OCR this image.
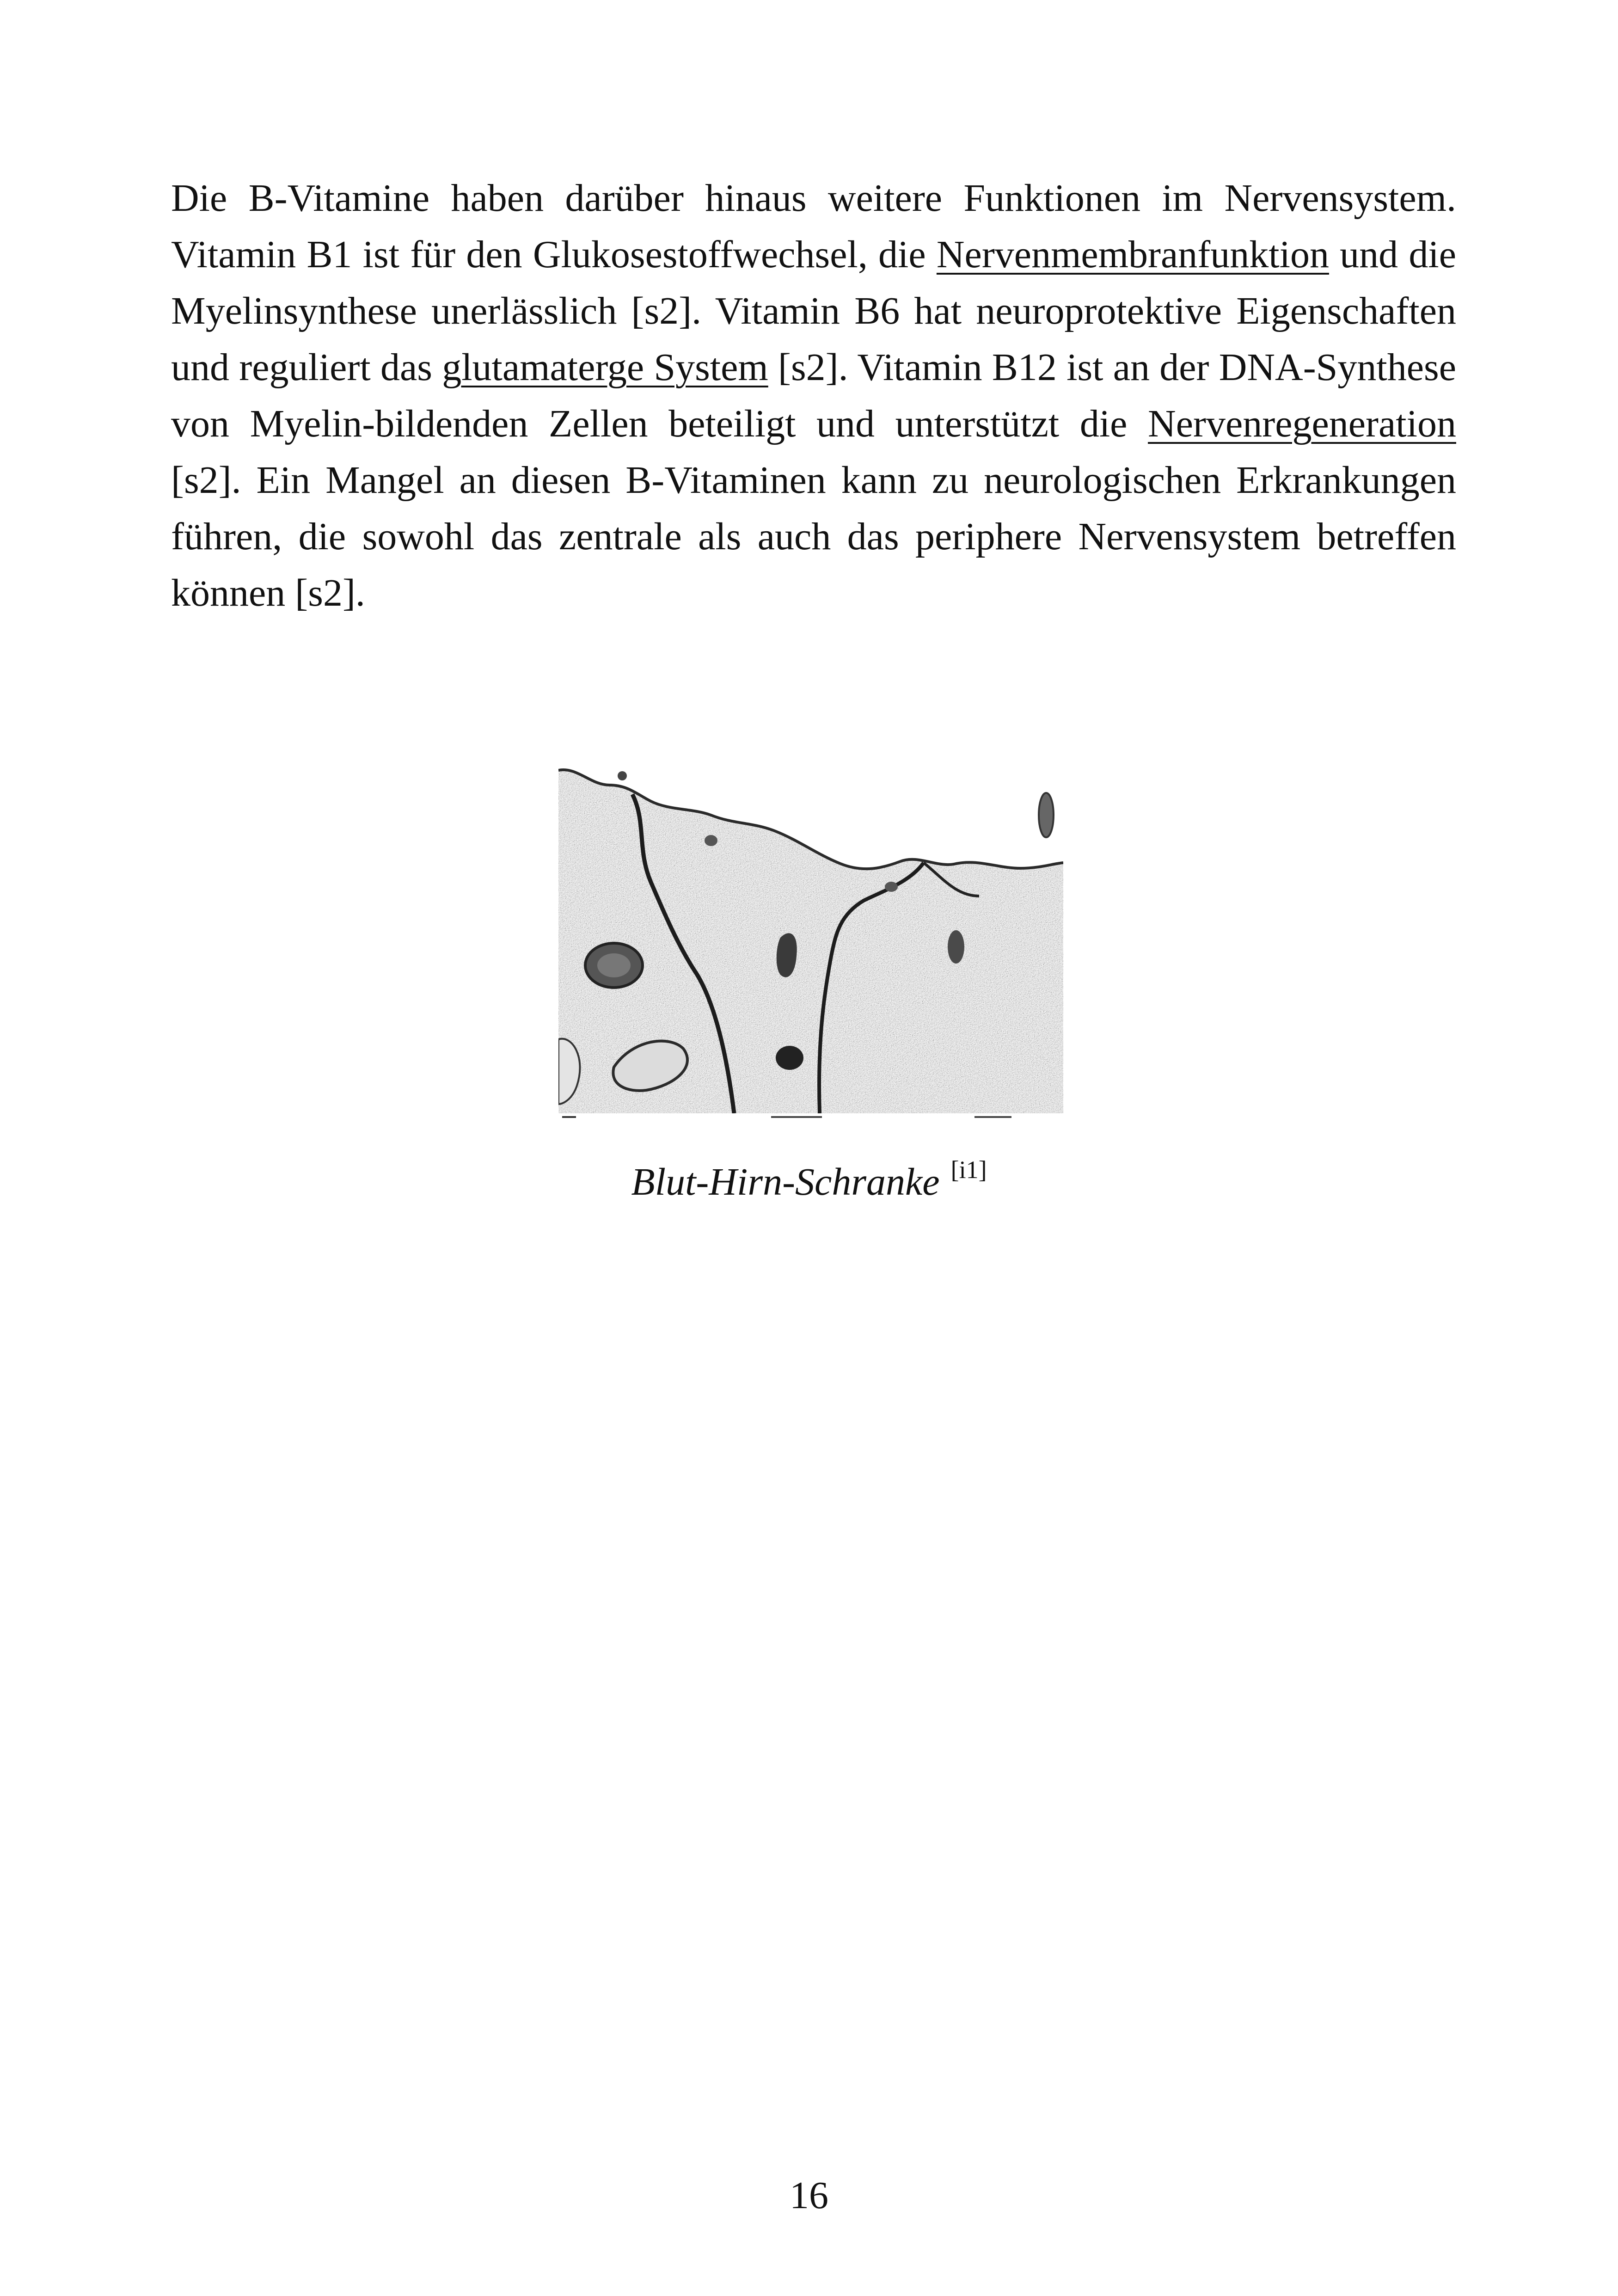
Die B-Vitamine haben darüber hinaus weitere Funktionen im Nervensystem. Vitamin B1 ist für den Glukosestoffwechsel, die Nervenmembranfunktion und die Myelinsynthese unerlässlich [s2]. Vitamin B6 hat neuroprotektive Eigenschaften und reguliert das glutamaterge System [s2]. Vitamin B12 ist an der DNA-Synthese von Myelin-bildenden Zellen beteiligt und unterstützt die Nervenregeneration [s2]. Ein Mangel an diesen B-Vitaminen kann zu neurologischen Erkrankungen führen, die sowohl das zentrale als auch das periphere Nervensystem betreffen können [s2].

Blut-Hirn-Schranke [i1]

16
